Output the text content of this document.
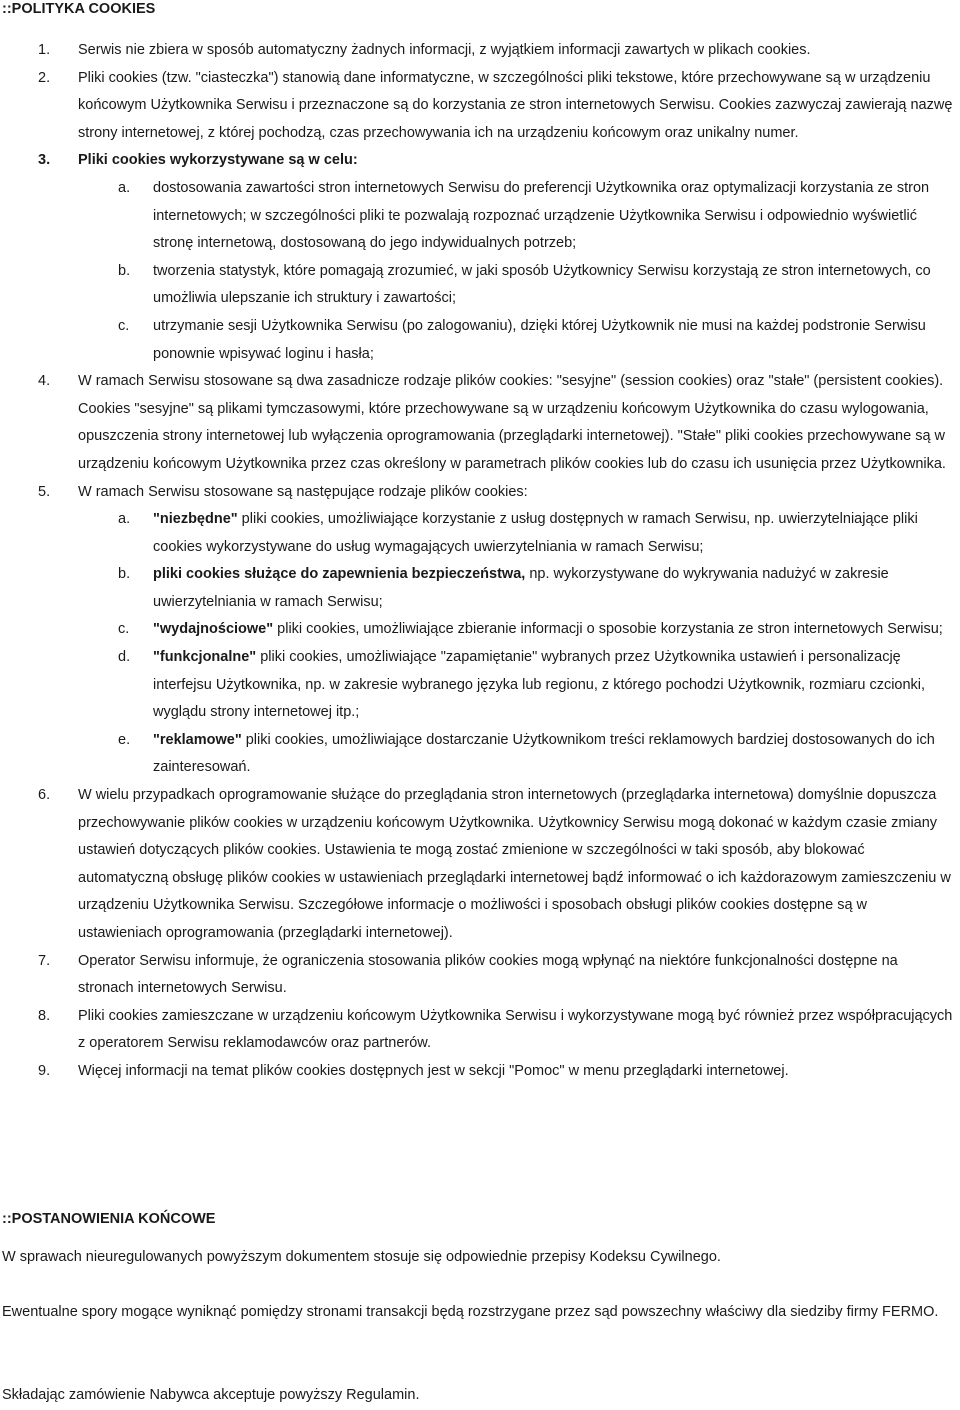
::POLITYKA COOKIES
1. Serwis nie zbiera w sposób automatyczny żadnych informacji, z wyjątkiem informacji zawartych w plikach cookies.
2. Pliki cookies (tzw. "ciasteczka") stanowią dane informatyczne, w szczególności pliki tekstowe, które przechowywane są w urządzeniu końcowym Użytkownika Serwisu i przeznaczone są do korzystania ze stron internetowych Serwisu. Cookies zazwyczaj zawierają nazwę strony internetowej, z której pochodzą, czas przechowywania ich na urządzeniu końcowym oraz unikalny numer.
3. Pliki cookies wykorzystywane są w celu:
a. dostosowania zawartości stron internetowych Serwisu do preferencji Użytkownika oraz optymalizacji korzystania ze stron internetowych; w szczególności pliki te pozwalają rozpoznać urządzenie Użytkownika Serwisu i odpowiednio wyświetlić stronę internetową, dostosowaną do jego indywidualnych potrzeb;
b. tworzenia statystyk, które pomagają zrozumieć, w jaki sposób Użytkownicy Serwisu korzystają ze stron internetowych, co umożliwia ulepszanie ich struktury i zawartości;
c. utrzymanie sesji Użytkownika Serwisu (po zalogowaniu), dzięki której Użytkownik nie musi na każdej podstronie Serwisu ponownie wpisywać loginu i hasła;
4. W ramach Serwisu stosowane są dwa zasadnicze rodzaje plików cookies: "sesyjne" (session cookies) oraz "stałe" (persistent cookies). Cookies "sesyjne" są plikami tymczasowymi, które przechowywane są w urządzeniu końcowym Użytkownika do czasu wylogowania, opuszczenia strony internetowej lub wyłączenia oprogramowania (przeglądarki internetowej). "Stałe" pliki cookies przechowywane są w urządzeniu końcowym Użytkownika przez czas określony w parametrach plików cookies lub do czasu ich usunięcia przez Użytkownika.
5. W ramach Serwisu stosowane są następujące rodzaje plików cookies:
a. "niezbędne" pliki cookies, umożliwiające korzystanie z usług dostępnych w ramach Serwisu, np. uwierzytelniające pliki cookies wykorzystywane do usług wymagających uwierzytelniania w ramach Serwisu;
b. pliki cookies służące do zapewnienia bezpieczeństwa, np. wykorzystywane do wykrywania nadużyć w zakresie uwierzytelniania w ramach Serwisu;
c. "wydajnościowe" pliki cookies, umożliwiające zbieranie informacji o sposobie korzystania ze stron internetowych Serwisu;
d. "funkcjonalne" pliki cookies, umożliwiające "zapamiętanie" wybranych przez Użytkownika ustawień i personalizację interfejsu Użytkownika, np. w zakresie wybranego języka lub regionu, z którego pochodzi Użytkownik, rozmiaru czcionki, wyglądu strony internetowej itp.;
e. "reklamowe" pliki cookies, umożliwiające dostarczanie Użytkownikom treści reklamowych bardziej dostosowanych do ich zainteresowań.
6. W wielu przypadkach oprogramowanie służące do przeglądania stron internetowych (przeglądarka internetowa) domyślnie dopuszcza przechowywanie plików cookies w urządzeniu końcowym Użytkownika. Użytkownicy Serwisu mogą dokonać w każdym czasie zmiany ustawień dotyczących plików cookies. Ustawienia te mogą zostać zmienione w szczególności w taki sposób, aby blokować automatyczną obsługę plików cookies w ustawieniach przeglądarki internetowej bądź informować o ich każdorazowym zamieszczeniu w urządzeniu Użytkownika Serwisu. Szczegółowe informacje o możliwości i sposobach obsługi plików cookies dostępne są w ustawieniach oprogramowania (przeglądarki internetowej).
7. Operator Serwisu informuje, że ograniczenia stosowania plików cookies mogą wpłynąć na niektóre funkcjonalności dostępne na stronach internetowych Serwisu.
8. Pliki cookies zamieszczane w urządzeniu końcowym Użytkownika Serwisu i wykorzystywane mogą być również przez współpracujących z operatorem Serwisu reklamodawców oraz partnerów.
9. Więcej informacji na temat plików cookies dostępnych jest w sekcji "Pomoc" w menu przeglądarki internetowej.
::POSTANOWIENIA KOŃCOWE
W sprawach nieuregulowanych powyższym dokumentem stosuje się odpowiednie przepisy Kodeksu Cywilnego.
Ewentualne spory mogące wyniknąć pomiędzy stronami transakcji będą rozstrzygane przez sąd powszechny właściwy dla siedziby firmy FERMO.
Składając zamówienie Nabywca akceptuje powyższy Regulamin.
